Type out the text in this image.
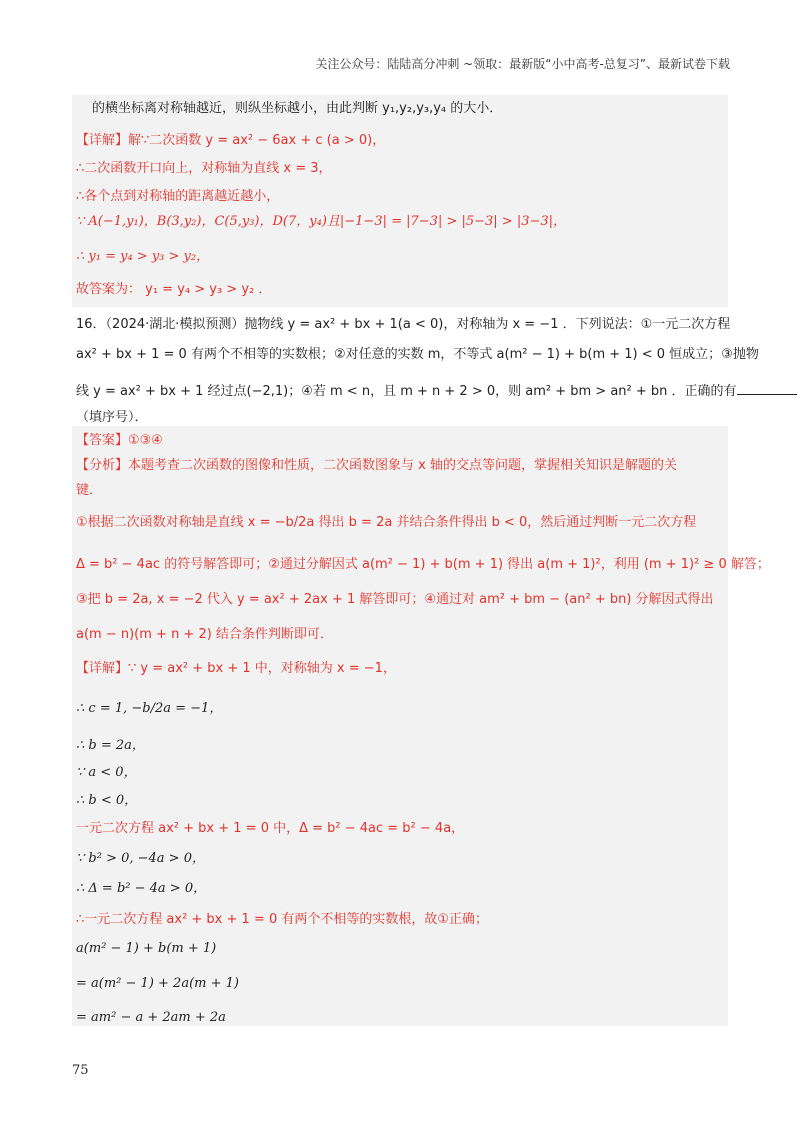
关注公众号：陆陆高分冲刺 ~领取：最新版“小中高考-总复习”、最新试卷下载
的横坐标离对称轴越近，则纵坐标越小，由此判断 y₁,y₂,y₃,y₄ 的大小．
【详解】解∵二次函数 y = ax² − 6ax + c (a > 0)，
∴二次函数开口向上，对称轴为直线 x = 3，
∴各个点到对称轴的距离越近越小，
∵ A(−1,y₁)，B(3,y₂)，C(5,y₃)，D(7，y₄)且|−1−3| = |7−3| > |5−3| > |3−3|，
∴ y₁ = y₄ > y₃ > y₂，
故答案为： y₁ = y₄ > y₃ > y₂ ．
16．（2024·湖北·模拟预测）抛物线 y = ax² + bx + 1(a < 0)，对称轴为 x = −1 ．下列说法：①一元二次方程
ax² + bx + 1 = 0 有两个不相等的实数根；②对任意的实数 m，不等式 a(m² − 1) + b(m + 1) < 0 恒成立；③抛物
线 y = ax² + bx + 1 经过点(−2,1)；④若 m < n，且 m + n + 2 > 0，则 am² + bm > an² + bn ．正确的有
（填序号）．
【答案】①③④
【分析】本题考查二次函数的图像和性质，二次函数图象与 x 轴的交点等问题，掌握相关知识是解题的关
键．
①根据二次函数对称轴是直线 x = −b/2a 得出 b = 2a 并结合条件得出 b < 0，然后通过判断一元二次方程
Δ = b² − 4ac 的符号解答即可；②通过分解因式 a(m² − 1) + b(m + 1) 得出 a(m + 1)²，利用 (m + 1)² ≥ 0 解答；
③把 b = 2a, x = −2 代入 y = ax² + 2ax + 1 解答即可；④通过对 am² + bm − (an² + bn) 分解因式得出
a(m − n)(m + n + 2) 结合条件判断即可．
【详解】∵ y = ax² + bx + 1 中，对称轴为 x = −1，
∴ c = 1, −b/2a = −1，
∴ b = 2a，
∵ a < 0，
∴ b < 0，
一元二次方程 ax² + bx + 1 = 0 中，Δ = b² − 4ac = b² − 4a，
∵ b² > 0, −4a > 0，
∴ Δ = b² − 4a > 0，
∴一元二次方程 ax² + bx + 1 = 0 有两个不相等的实数根，故①正确；
a(m² − 1) + b(m + 1)
= a(m² − 1) + 2a(m + 1)
= am² − a + 2am + 2a
75
